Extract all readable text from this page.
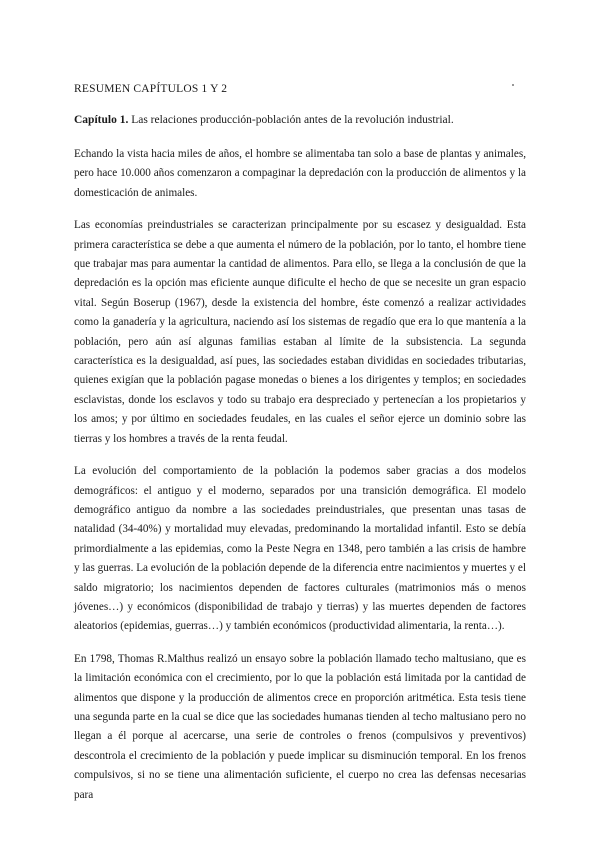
RESUMEN CAPÍTULOS 1 Y 2

Capítulo 1. Las relaciones producción-población antes de la revolución industrial.

Echando la vista hacia miles de años, el hombre se alimentaba tan solo a base de plantas y animales, pero hace 10.000 años comenzaron a compaginar la depredación con la producción de alimentos y la domesticación de animales.

Las economías preindustriales se caracterizan principalmente por su escasez y desigualdad. Esta primera característica se debe a que aumenta el número de la población, por lo tanto, el hombre tiene que trabajar mas para aumentar la cantidad de alimentos. Para ello, se llega a la conclusión de que la depredación es la opción mas eficiente aunque dificulte el hecho de que se necesite un gran espacio vital. Según Boserup (1967), desde la existencia del hombre, éste comenzó a realizar actividades como la ganadería y la agricultura, naciendo así los sistemas de regadío que era lo que mantenía a la población, pero aún así algunas familias estaban al límite de la subsistencia. La segunda característica es la desigualdad, así pues, las sociedades estaban divididas en sociedades tributarias, quienes exigían que la población pagase monedas o bienes a los dirigentes y templos; en sociedades esclavistas, donde los esclavos y todo su trabajo era despreciado y pertenecían a los propietarios y los amos; y por último en sociedades feudales, en las cuales el señor ejerce un dominio sobre las tierras y los hombres a través de la renta feudal.

La evolución del comportamiento de la población la podemos saber gracias a dos modelos demográficos: el antiguo y el moderno, separados por una transición demográfica. El modelo demográfico antiguo da nombre a las sociedades preindustriales, que presentan unas tasas de natalidad (34-40%) y mortalidad muy elevadas, predominando la mortalidad infantil. Esto se debía primordialmente a las epidemias, como la Peste Negra en 1348, pero también a las crisis de hambre y las guerras. La evolución de la población depende de la diferencia entre nacimientos y muertes y el saldo migratorio; los nacimientos dependen de factores culturales (matrimonios más o menos jóvenes…) y económicos (disponibilidad de trabajo y tierras) y las muertes dependen de factores aleatorios (epidemias, guerras…) y también económicos (productividad alimentaria, la renta…).

En 1798, Thomas R.Malthus realizó un ensayo sobre la población llamado techo maltusiano, que es la limitación económica con el crecimiento, por lo que la población está limitada por la cantidad de alimentos que dispone y la producción de alimentos crece en proporción aritmética. Esta tesis tiene una segunda parte en la cual se dice que las sociedades humanas tienden al techo maltusiano pero no llegan a él porque al acercarse, una serie de controles o frenos (compulsivos y preventivos) descontrola el crecimiento de la población y puede implicar su disminución temporal. En los frenos compulsivos, si no se tiene una alimentación suficiente, el cuerpo no crea las defensas necesarias para
